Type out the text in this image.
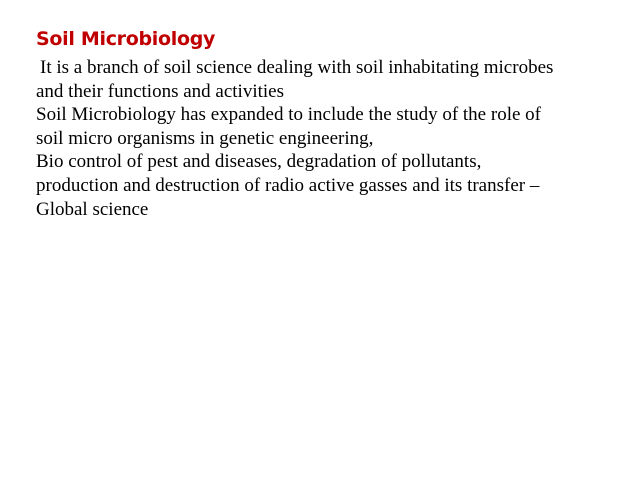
Soil Microbiology
It is a branch of soil science dealing with soil inhabitating microbes
and their functions and activities
Soil Microbiology has expanded to include the study of the role of
soil micro organisms in genetic engineering,
Bio control of pest and diseases, degradation of pollutants,
production and destruction of radio active gasses and its transfer –
Global science
